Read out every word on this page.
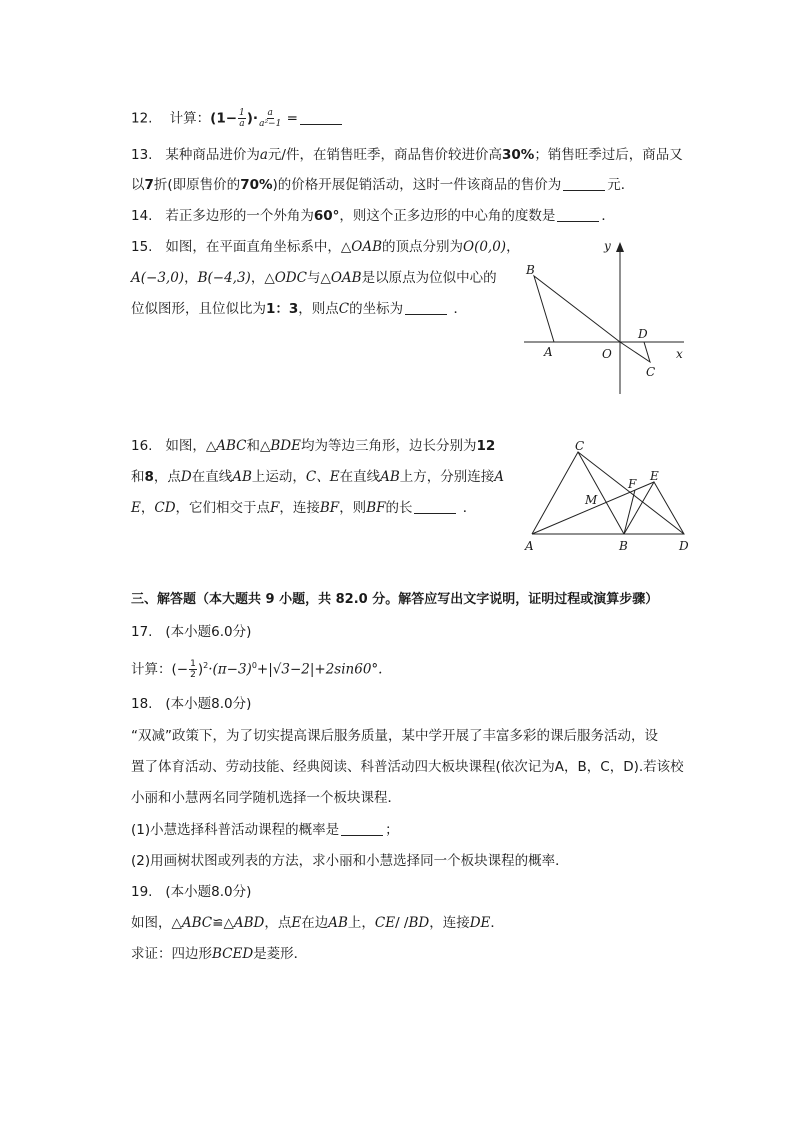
12. 计算：($1- \frac{1}{a}$ )· $\frac{a}{\text{a²−1}}$ =
13. 某种商品进价为a元/件，在销售旺季，商品售价较进价高30%；销售旺季过后，商品又
以7折(即原售价的70%)的价格开展促销活动，这时一件该商品的售价为	元．
14. 若正多边形的一个外角为60°，则这个正多边形的中心角的度数是	．
15. 如图，在平面直角坐标系中，△OAB的顶点分别为O(0,0)，
A(−3,0)，B(−4,3)，△ODC与△OAB是以原点为位似中心的
位似图形，且位似比为1：3，则点C的坐标为	．
y
B
D
A	O	x
C
16. 如图，△ABC和△BDE均为等边三角形，边长分别为12
和8，点D在直线AB上运动，C、E在直线AB上方，分别连接A
E，CD，它们相交于点F，连接BF，则BF的长	．
C
E
F
M
A	B	D
三、解答题（本大题共 9 小题，共 82.0 分。解答应写出文字说明，证明过程或演算步骤）
17. (本小题6.0分)
计算：(− $\frac{1}{2} )^2\cdot(\pi-3)^0+|√3-2|+2\sin 60^\circ$.
18. (本小题8.0分)
“双减”政策下，为了切实提高课后服务质量，某中学开展了丰富多彩的课后服务活动，设
置了体育活动、劳动技能、经典阅读、科普活动四大板块课程(依次记为A，B，C，D).若该校
小丽和小慧两名同学随机选择一个板块课程．
(1)小慧选择科普活动课程的概率是	；
(2)用画树状图或列表的方法，求小丽和小慧选择同一个板块课程的概率．
19. (本小题8.0分)
如图，△ABC≌△ABD，点E在边AB上，CE/ /BD，连接DE．
求证：四边形BCED是菱形．
